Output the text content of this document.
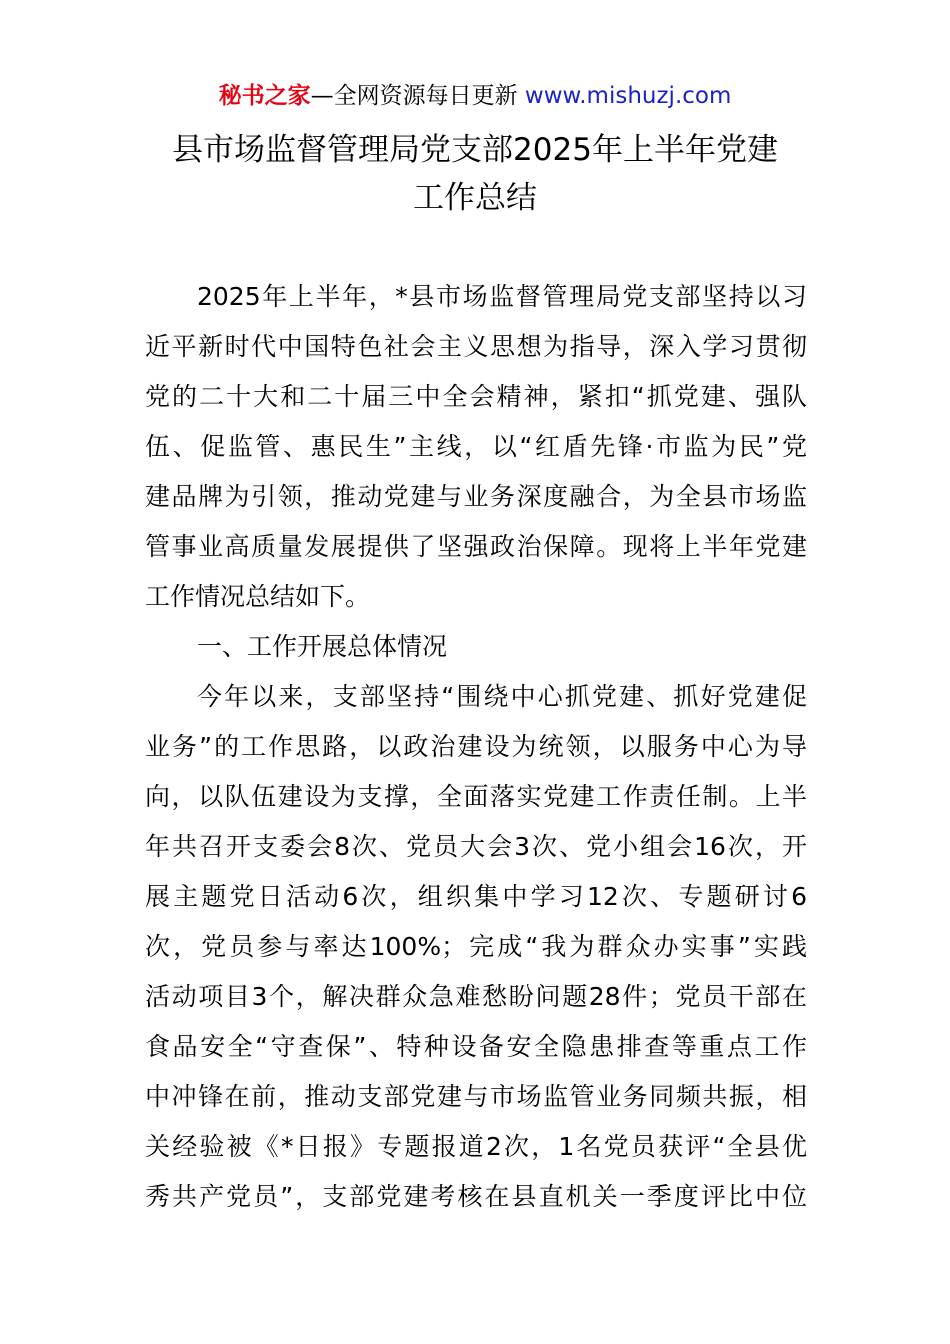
秘书之家—全网资源每日更新 www.mishuzj.com
县市场监督管理局党支部2025年上半年党建
工作总结
2025年上半年，*县市场监督管理局党支部坚持以习
近平新时代中国特色社会主义思想为指导，深入学习贯彻
党的二十大和二十届三中全会精神，紧扣“抓党建、强队
伍、促监管、惠民生”主线，以“红盾先锋·市监为民”党
建品牌为引领，推动党建与业务深度融合，为全县市场监
管事业高质量发展提供了坚强政治保障。现将上半年党建
工作情况总结如下。
一、工作开展总体情况
今年以来，支部坚持“围绕中心抓党建、抓好党建促
业务”的工作思路，以政治建设为统领，以服务中心为导
向，以队伍建设为支撑，全面落实党建工作责任制。上半
年共召开支委会8次、党员大会3次、党小组会16次，开
展主题党日活动6次，组织集中学习12次、专题研讨6
次，党员参与率达100%；完成“我为群众办实事”实践
活动项目3个，解决群众急难愁盼问题28件；党员干部在
食品安全“守查保”、特种设备安全隐患排查等重点工作
中冲锋在前，推动支部党建与市场监管业务同频共振，相
关经验被《*日报》专题报道2次，1名党员获评“全县优
秀共产党员”，支部党建考核在县直机关一季度评比中位
